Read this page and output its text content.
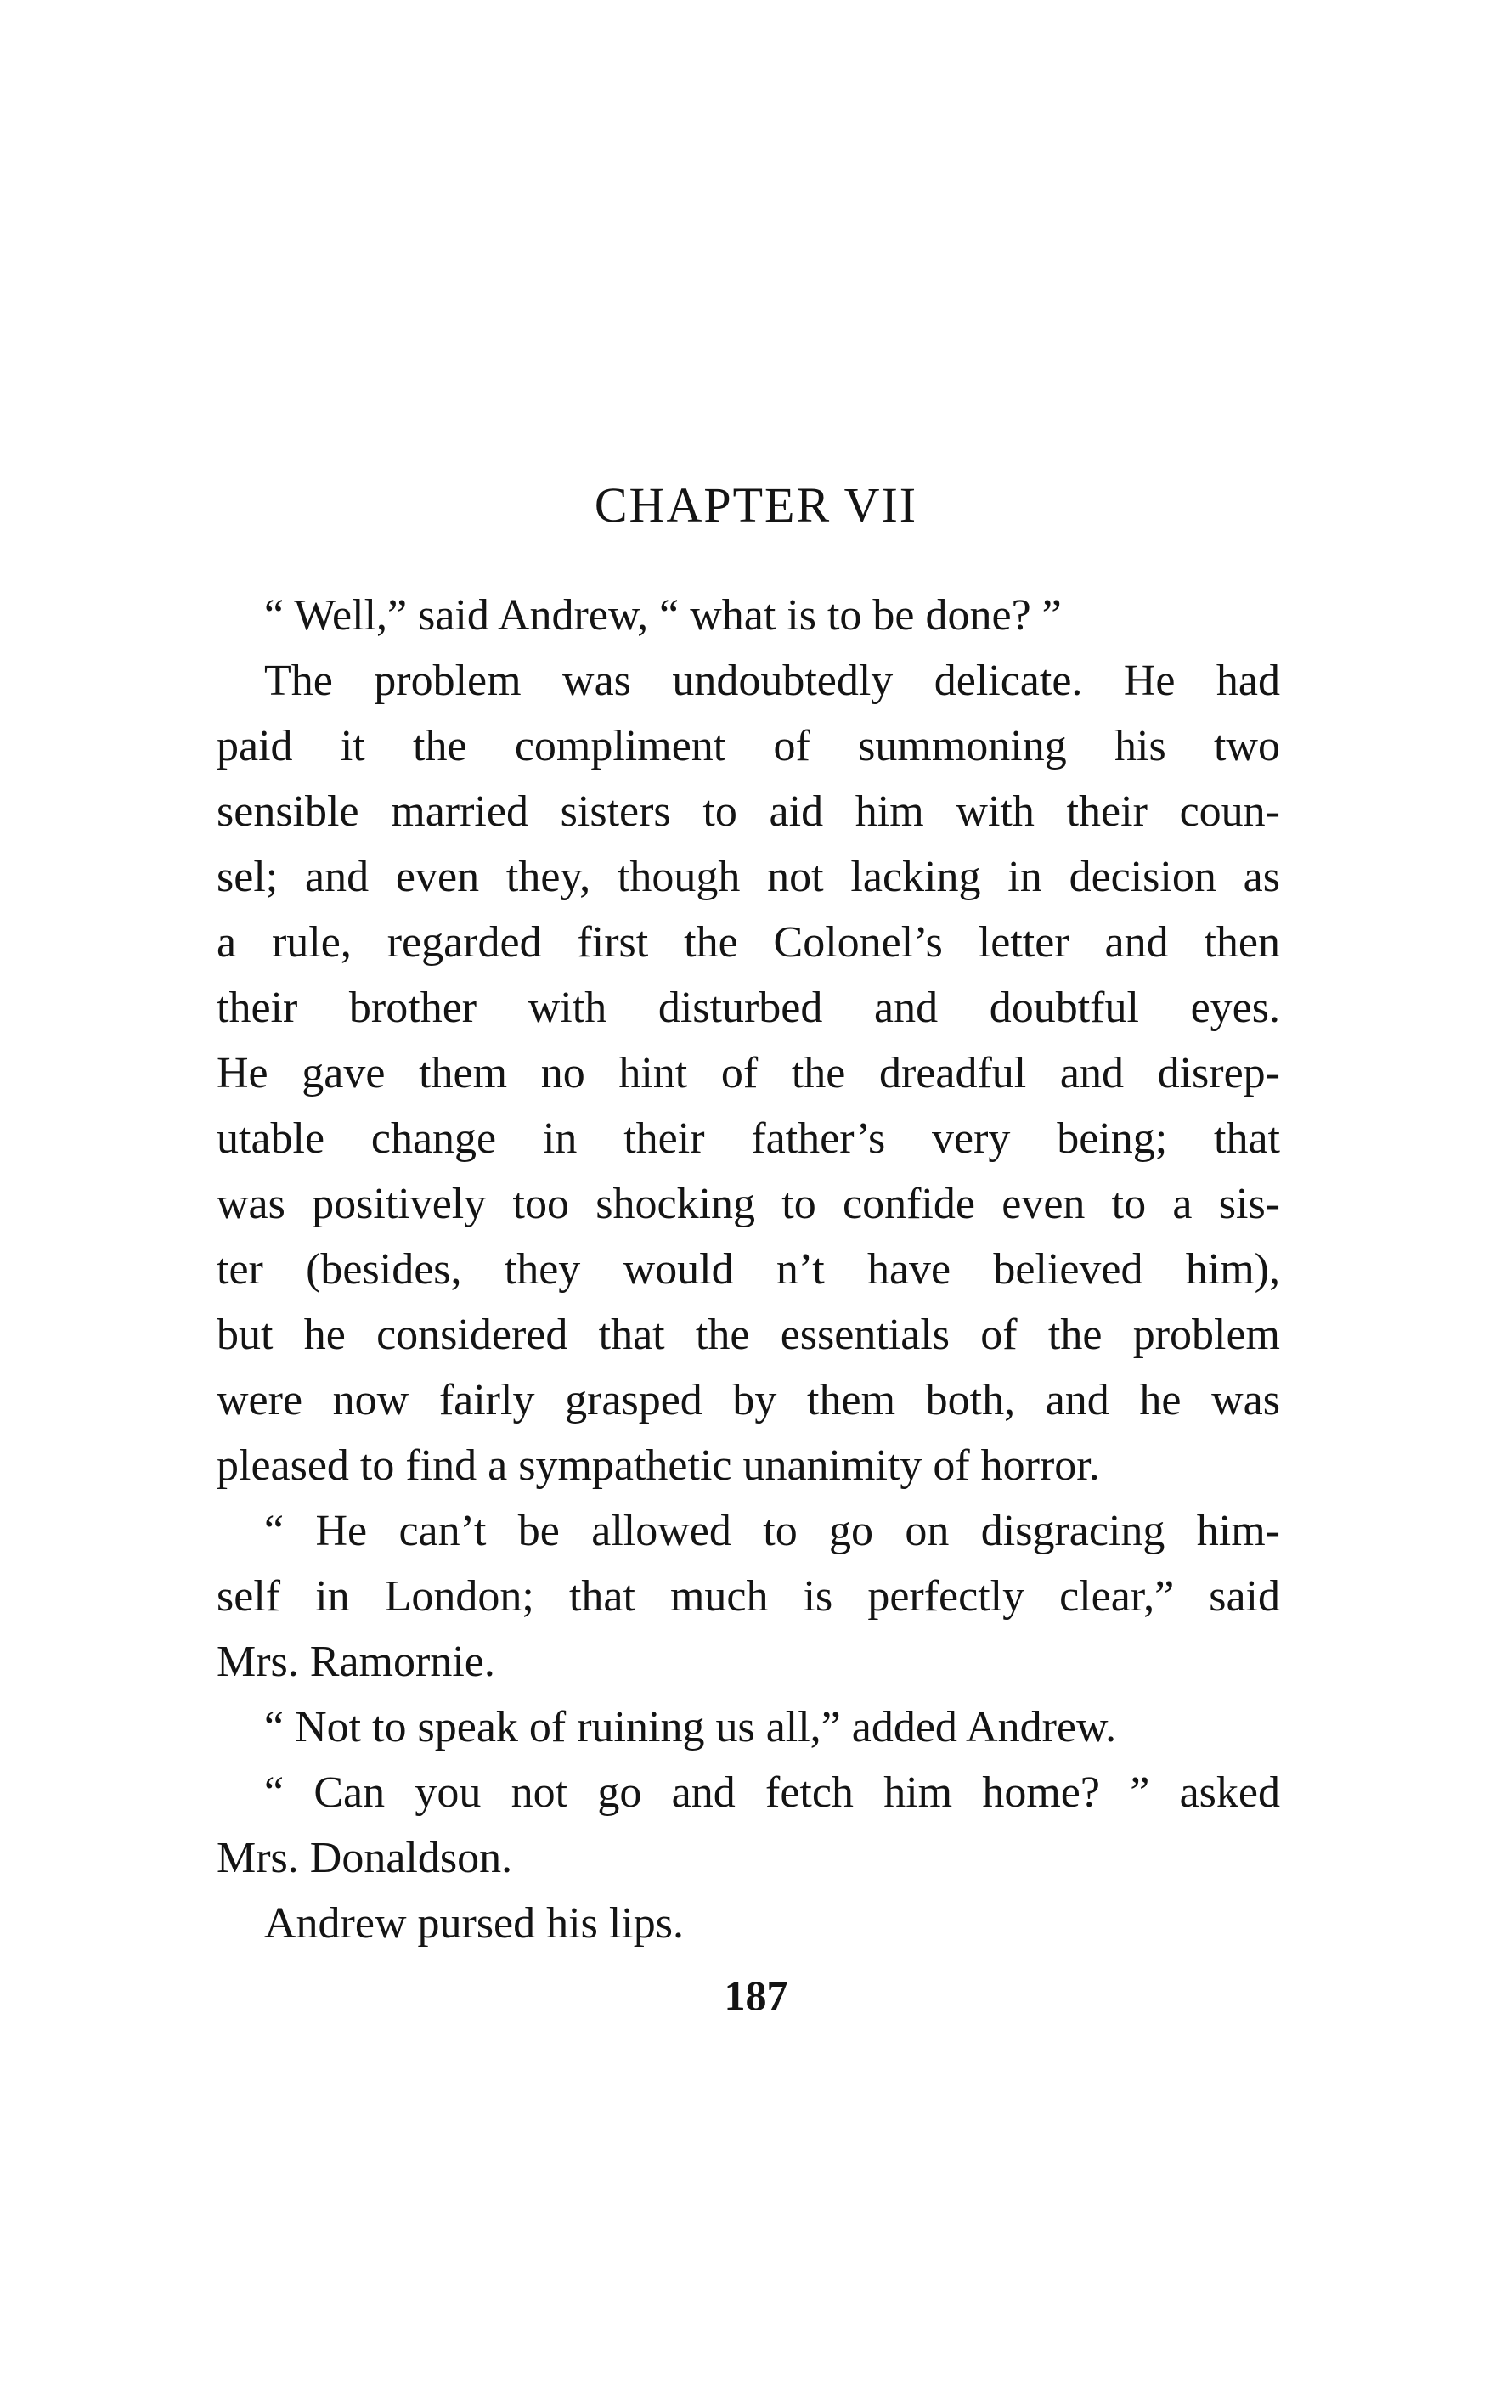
CHAPTER VII
“ Well,” said Andrew, “ what is to be done? ”
The problem was undoubtedly delicate. He had
paid it the compliment of summoning his two
sensible married sisters to aid him with their coun-
sel; and even they, though not lacking in decision as
a rule, regarded first the Colonel’s letter and then
their brother with disturbed and doubtful eyes.
He gave them no hint of the dreadful and disrep-
utable change in their father’s very being; that
was positively too shocking to confide even to a sis-
ter (besides, they would n’t have believed him),
but he considered that the essentials of the problem
were now fairly grasped by them both, and he was
pleased to find a sympathetic unanimity of horror.
“ He can’t be allowed to go on disgracing him-
self in London; that much is perfectly clear,” said
Mrs. Ramornie.
“ Not to speak of ruining us all,” added Andrew.
“ Can you not go and fetch him home? ” asked
Mrs. Donaldson.
Andrew pursed his lips.
187
